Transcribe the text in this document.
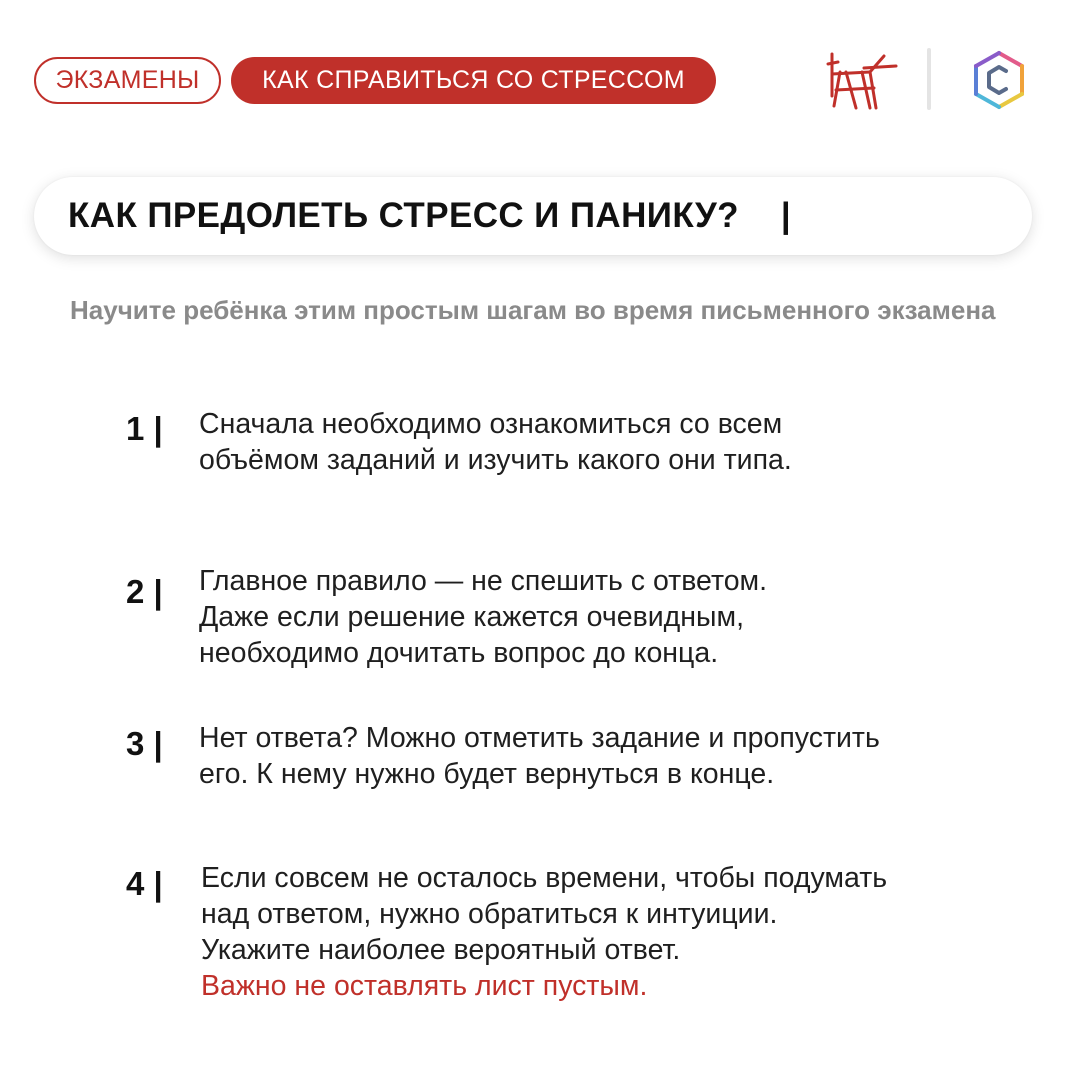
ЭКЗАМЕНЫ	КАК СПРАВИТЬСЯ СО СТРЕССОМ
КАК ПРЕДОЛЕТЬ СТРЕСС И ПАНИКУ? |
Научите ребёнка этим простым шагам во время письменного экзамена
1 |	Сначала необходимо ознакомиться со всем
объёмом заданий и изучить какого они типа.
2 |	Главное правило — не спешить с ответом.
Даже если решение кажется очевидным,
необходимо дочитать вопрос до конца.
3 |	Нет ответа? Можно отметить задание и пропустить
его. К нему нужно будет вернуться в конце.
4 |	Если совсем не осталось времени, чтобы подумать
над ответом, нужно обратиться к интуиции.
Укажите наиболее вероятный ответ.
Важно не оставлять лист пустым.
